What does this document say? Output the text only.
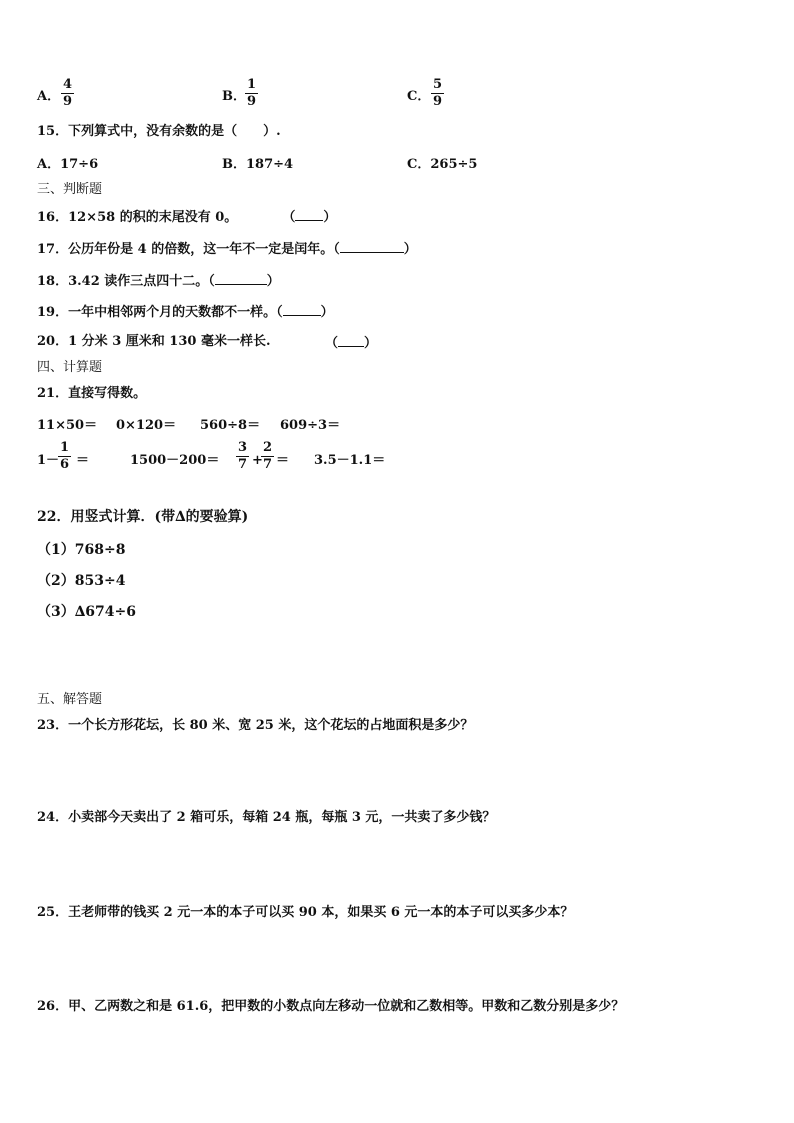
A．
4
9	B．
1
9	C．
5
9
15．下列算式中，没有余数的是（　　）.
A．17÷6	B．187÷4	C．265÷5
三、判断题
16．12×58 的积的末尾没有 0。	（ ）
17．公历年份是 4 的倍数，这一年不一定是闰年。（	）
18．3.42 读作三点四十二。（	）
19．一年中相邻两个月的天数都不一样。（	）
20．1 分米 3 厘米和 130 毫米一样长.	（ ）
四、计算题
21．直接写得数。
11×50＝ 0×120＝ 560÷8＝ 609÷3＝
1－
1
6 ＝	1500－200＝
3
7 +
2
7 ＝ 3.5－1.1＝
22．用竖式计算．(带∆的要验算)
（1）768÷8
（2）853÷4
（3）∆674÷6
五、解答题
23．一个长方形花坛，长 80 米、宽 25 米，这个花坛的占地面积是多少？
24．小卖部今天卖出了 2 箱可乐，每箱 24 瓶，每瓶 3 元，一共卖了多少钱？
25．王老师带的钱买 2 元一本的本子可以买 90 本，如果买 6 元一本的本子可以买多少本？
26．甲、乙两数之和是 61.6，把甲数的小数点向左移动一位就和乙数相等。甲数和乙数分别是多少？
